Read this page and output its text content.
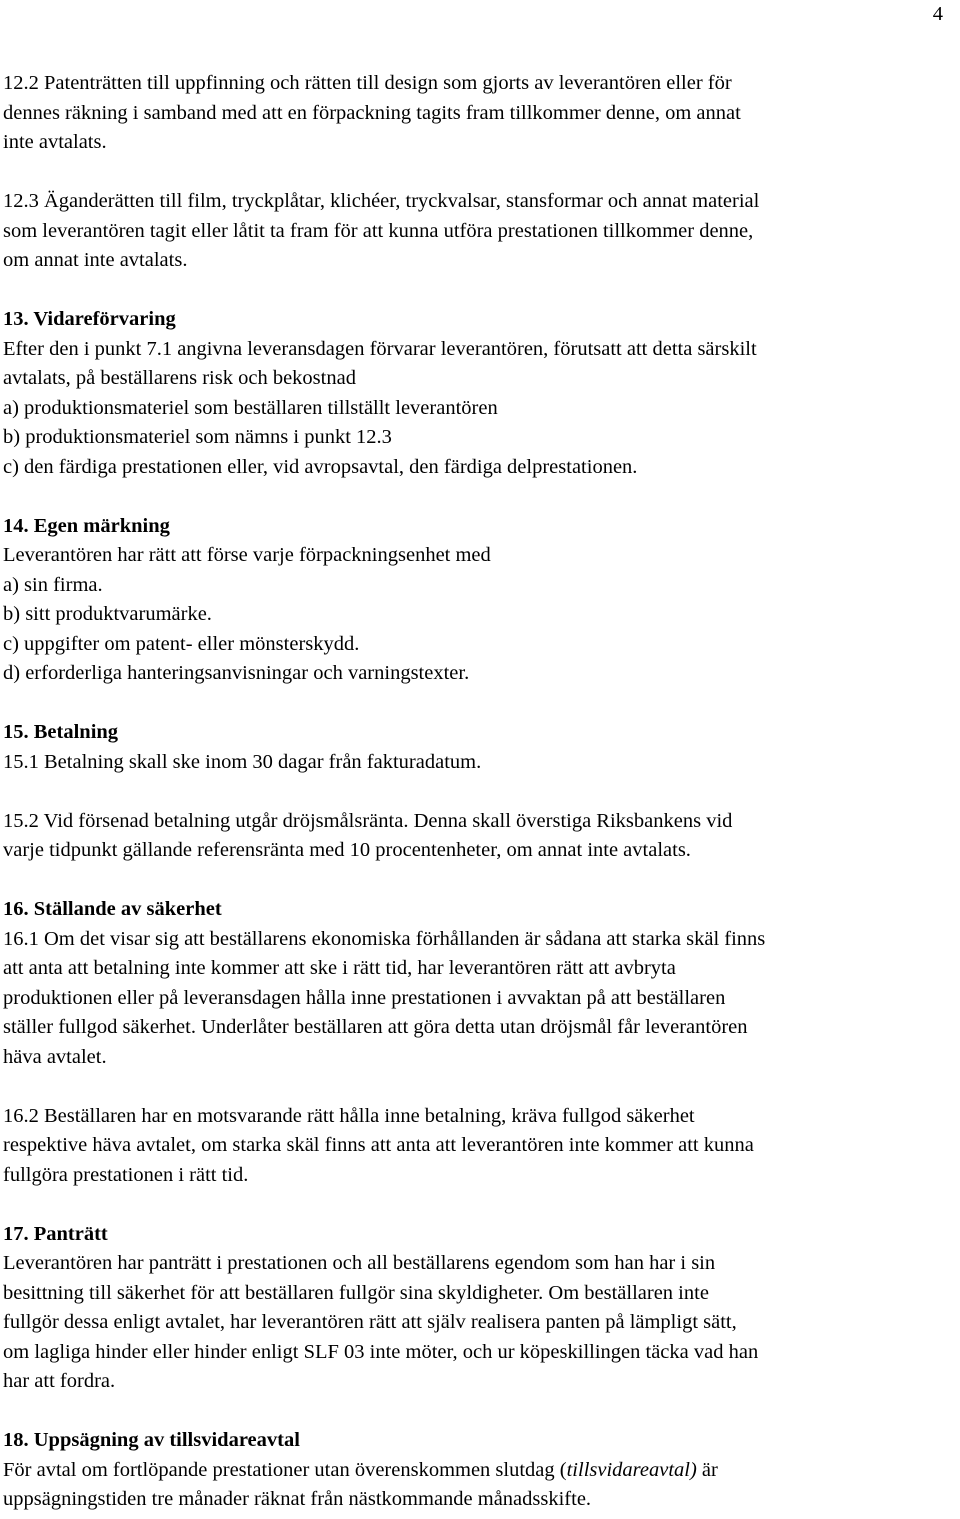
4
12.2 Patenträtten till uppfinning och rätten till design som gjorts av leverantören eller för
dennes räkning i samband med att en förpackning tagits fram tillkommer denne, om annat
inte avtalats.
12.3 Äganderätten till film, tryckplåtar, klichéer, tryckvalsar, stansformar och annat material
som leverantören tagit eller låtit ta fram för att kunna utföra prestationen tillkommer denne,
om annat inte avtalats.
13. Vidareförvaring
Efter den i punkt 7.1 angivna leveransdagen förvarar leverantören, förutsatt att detta särskilt
avtalats, på beställarens risk och bekostnad
a) produktionsmateriel som beställaren tillställt leverantören
b) produktionsmateriel som nämns i punkt 12.3
c) den färdiga prestationen eller, vid avropsavtal, den färdiga delprestationen.
14. Egen märkning
Leverantören har rätt att förse varje förpackningsenhet med
a) sin firma.
b) sitt produktvarumärke.
c) uppgifter om patent- eller mönsterskydd.
d) erforderliga hanteringsanvisningar och varningstexter.
15. Betalning
15.1 Betalning skall ske inom 30 dagar från fakturadatum.
15.2 Vid försenad betalning utgår dröjsmålsränta. Denna skall överstiga Riksbankens vid
varje tidpunkt gällande referensränta med 10 procentenheter, om annat inte avtalats.
16. Ställande av säkerhet
16.1 Om det visar sig att beställarens ekonomiska förhållanden är sådana att starka skäl finns
att anta att betalning inte kommer att ske i rätt tid, har leverantören rätt att avbryta
produktionen eller på leveransdagen hålla inne prestationen i avvaktan på att beställaren
ställer fullgod säkerhet. Underlåter beställaren att göra detta utan dröjsmål får leverantören
häva avtalet.
16.2 Beställaren har en motsvarande rätt hålla inne betalning, kräva fullgod säkerhet
respektive häva avtalet, om starka skäl finns att anta att leverantören inte kommer att kunna
fullgöra prestationen i rätt tid.
17. Panträtt
Leverantören har panträtt i prestationen och all beställarens egendom som han har i sin
besittning till säkerhet för att beställaren fullgör sina skyldigheter. Om beställaren inte
fullgör dessa enligt avtalet, har leverantören rätt att själv realisera panten på lämpligt sätt,
om lagliga hinder eller hinder enligt SLF 03 inte möter, och ur köpeskillingen täcka vad han
har att fordra.
18. Uppsägning av tillsvidareavtal
För avtal om fortlöpande prestationer utan överenskommen slutdag (tillsvidareavtal) är
uppsägningstiden tre månader räknat från nästkommande månadsskifte.
